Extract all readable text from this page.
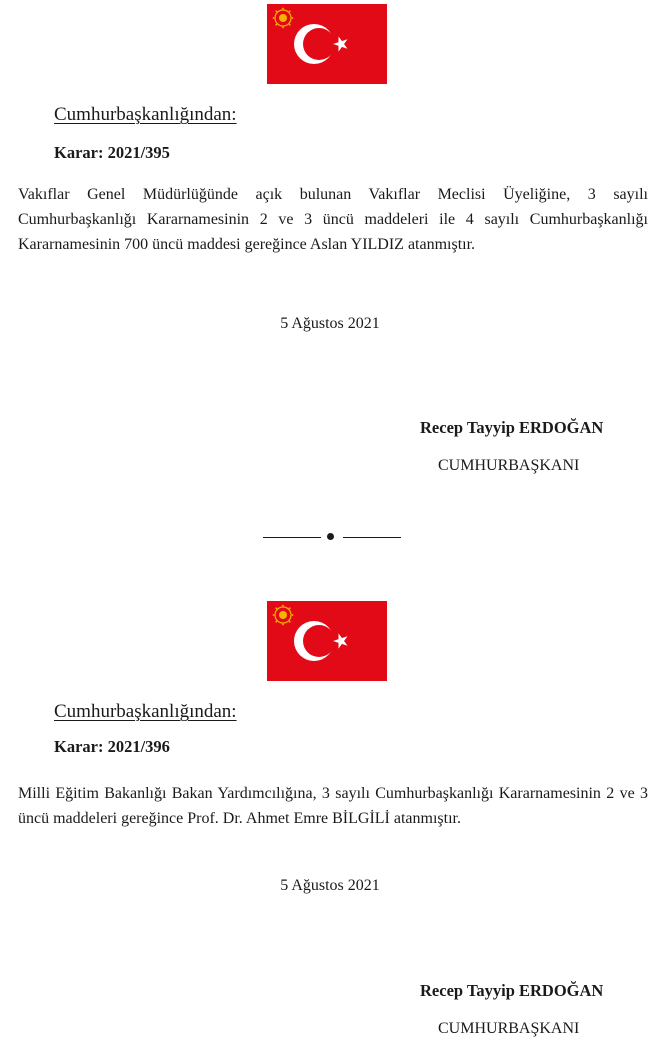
Cumhurbaşkanlığından:
Karar: 2021/395

Vakıflar Genel Müdürlüğünde açık bulunan Vakıflar Meclisi Üyeliğine, 3 sayılı Cumhurbaşkanlığı Kararnamesinin 2 ve 3 üncü maddeleri ile 4 sayılı Cumhurbaşkanlığı Kararnamesinin 700 üncü maddesi gereğince Aslan YILDIZ atanmıştır.

5 Ağustos 2021
Recep Tayyip ERDOĞAN
CUMHURBAŞKANI
Cumhurbaşkanlığından:
Karar: 2021/396

Milli Eğitim Bakanlığı Bakan Yardımcılığına, 3 sayılı Cumhurbaşkanlığı Kararnamesinin 2 ve 3 üncü maddeleri gereğince Prof. Dr. Ahmet Emre BİLGİLİ atanmıştır.

5 Ağustos 2021
Recep Tayyip ERDOĞAN
CUMHURBAŞKANI
